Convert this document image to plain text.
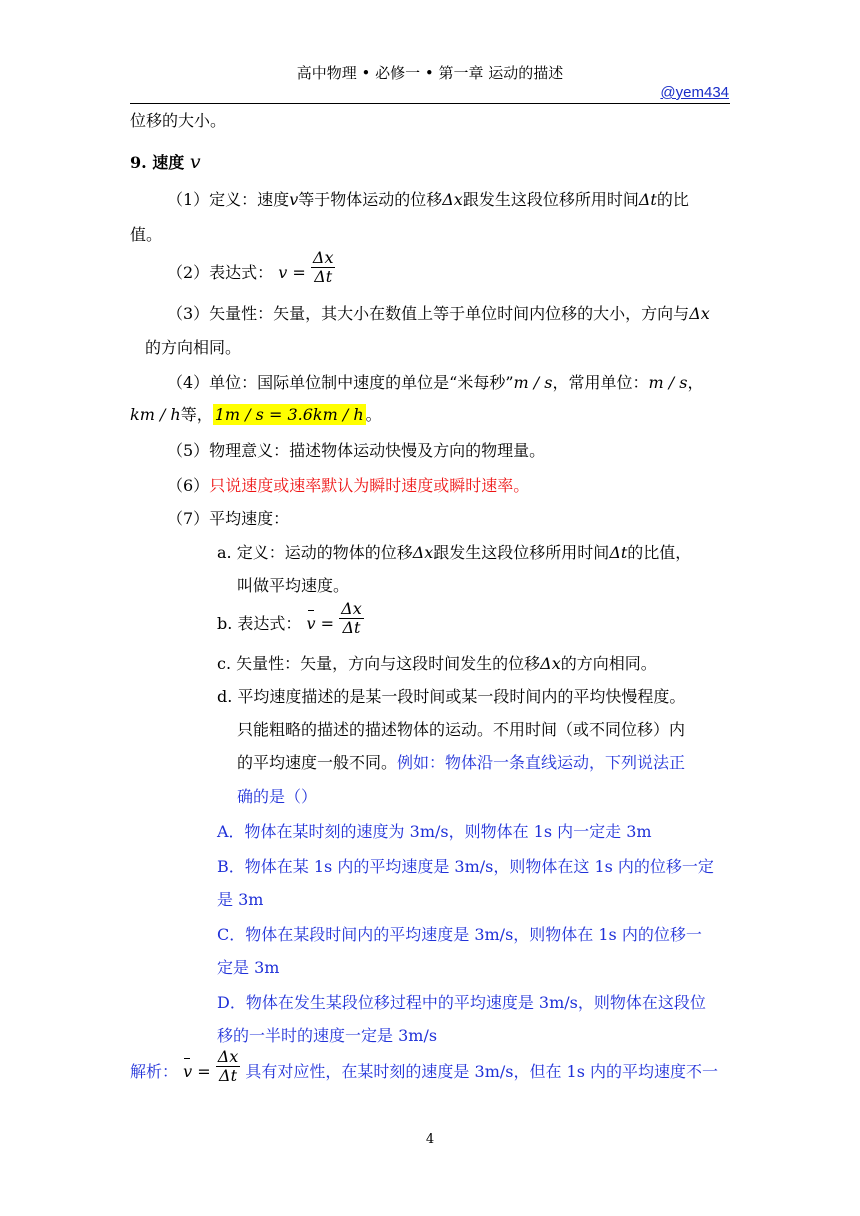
高中物理 • 必修一 • 第一章 运动的描述
@yem434
位移的大小。
9. 速度 v
（1）定义：速度v等于物体运动的位移Δx跟发生这段位移所用时间Δt的比
值。
（2）表达式： $v = \frac{\Delta x}{\Delta t}$
（3）矢量性：矢量，其大小在数值上等于单位时间内位移的大小，方向与Δx
的方向相同。
（4）单位：国际单位制中速度的单位是“米每秒”m / s，常用单位：m / s，
km / h等， 1m / s = 3.6km / h 。
（5）物理意义：描述物体运动快慢及方向的物理量。
（6）只说速度或速率默认为瞬时速度或瞬时速率。
（7）平均速度：
a. 定义：运动的物体的位移Δx跟发生这段位移所用时间Δt的比值，
叫做平均速度。
b. 表达式： $v = \frac{\Delta x}{\Delta t}$
c. 矢量性：矢量，方向与这段时间发生的位移Δx的方向相同。
d. 平均速度描述的是某一段时间或某一段时间内的平均快慢程度。
只能粗略的描述的描述物体的运动。不用时间（或不同位移）内
的平均速度一般不同。例如：物体沿一条直线运动，下列说法正
确的是（）
A．物体在某时刻的速度为 3m/s，则物体在 1s 内一定走 3m
B．物体在某 1s 内的平均速度是 3m/s，则物体在这 1s 内的位移一定
是 3m
C．物体在某段时间内的平均速度是 3m/s，则物体在 1s 内的位移一
定是 3m
D．物体在发生某段位移过程中的平均速度是 3m/s，则物体在这段位
移的一半时的速度一定是 3m/s
解析： $v = \frac{\Delta x}{\Delta t}$ 具有对应性，在某时刻的速度是 3m/s，但在 1s 内的平均速度不一
4
